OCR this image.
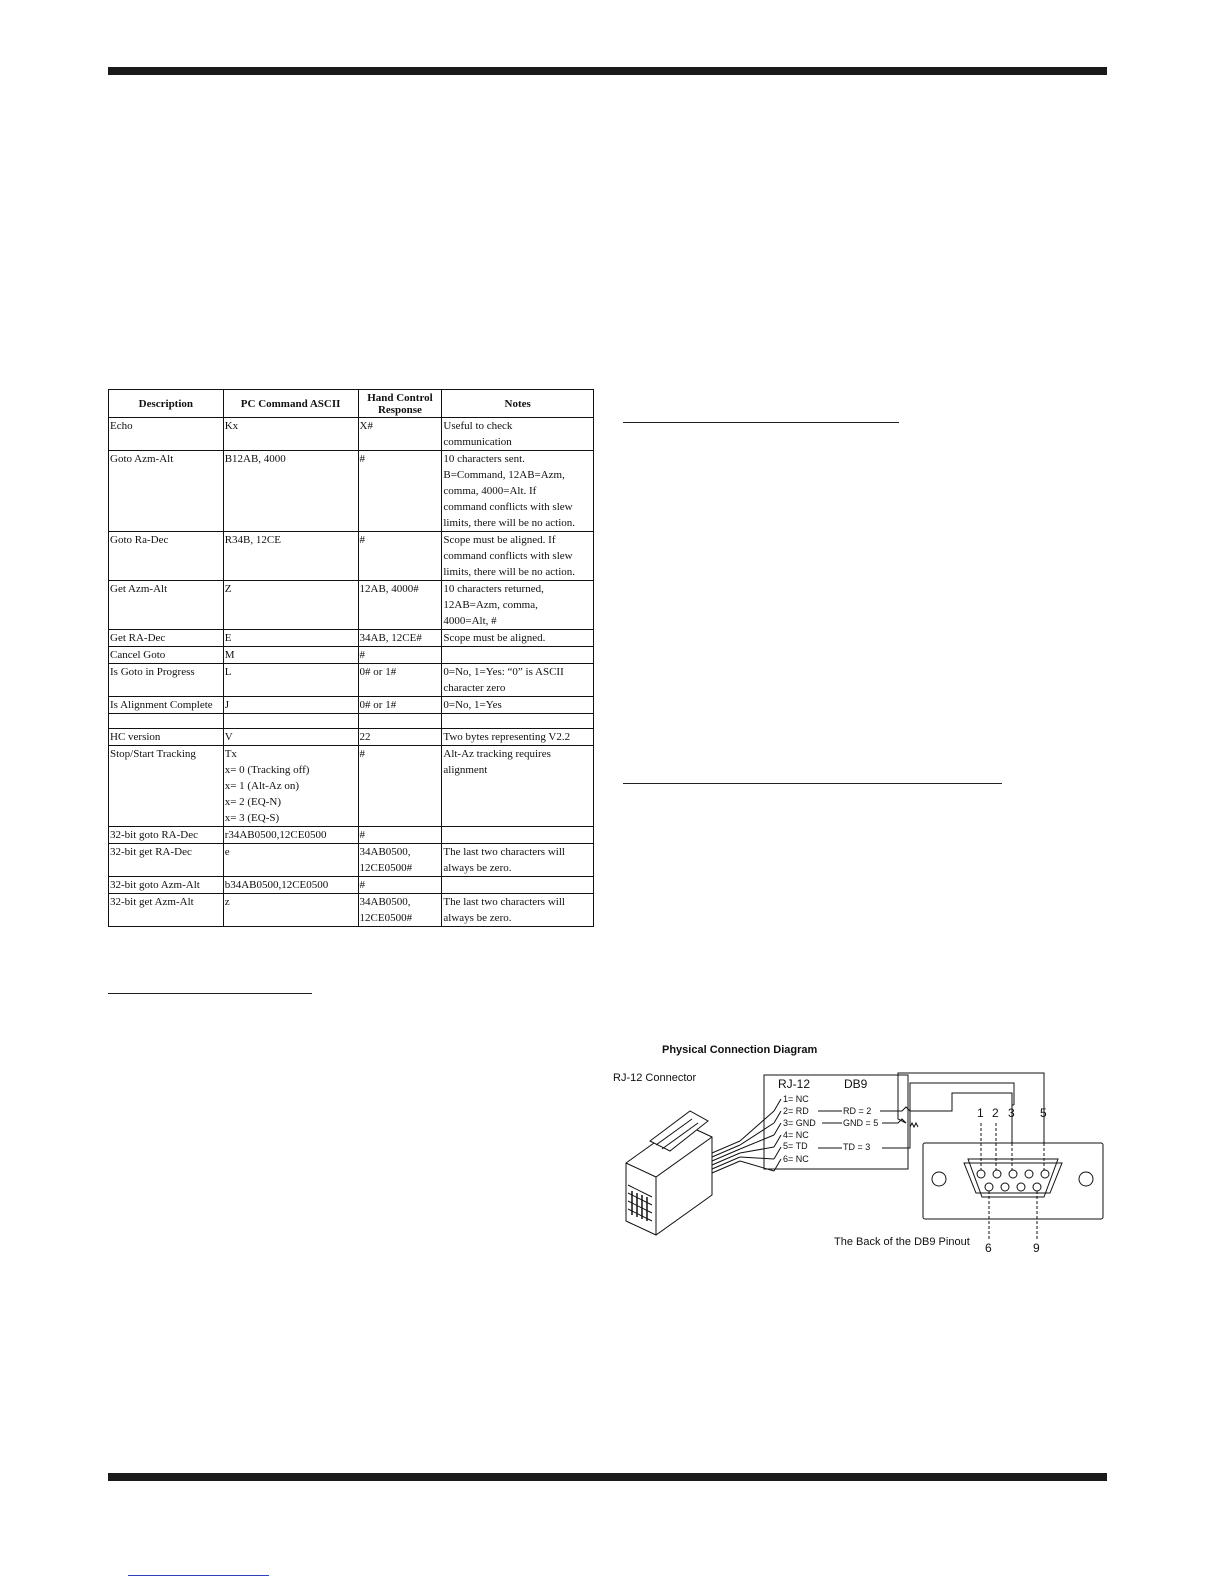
Description	PC Command ASCII	Hand Control Response	Notes
Echo	Kx	X#	Useful to check
communication

Goto Azm-Alt	B12AB, 4000	#	10 characters sent.
B=Command, 12AB=Azm,
comma, 4000=Alt. If
command conflicts with slew
limits, there will be no action.

Goto Ra-Dec	R34B, 12CE	#	Scope must be aligned. If
command conflicts with slew
limits, there will be no action.

Get Azm-Alt	Z	12AB, 4000#	10 characters returned,
12AB=Azm, comma,
4000=Alt, #

Get RA-Dec	E	34AB, 12CE#	Scope must be aligned.

Cancel Goto	M	#	

Is Goto in Progress	L	0# or 1#	0=No, 1=Yes: “0” is ASCII
character zero

Is Alignment Complete	J	0# or 1#	0=No, 1=Yes

HC version	V	22	Two bytes representing V2.2

Stop/Start Tracking	Tx
x= 0 (Tracking off)
x= 1 (Alt-Az on)
x= 2 (EQ-N)
x= 3 (EQ-S)	#	Alt-Az tracking requires
alignment

32-bit goto RA-Dec	r34AB0500,12CE0500	#	

32-bit get RA-Dec	e	34AB0500,
12CE0500#	The last two characters will
always be zero.

32-bit goto Azm-Alt	b34AB0500,12CE0500	#	

32-bit get Azm-Alt	z	34AB0500,
12CE0500#	The last two characters will
always be zero.
Physical Connection Diagram
RJ-12 Connector	RJ-12	DB9
1= NC
2= RD
3= GND
4= NC
5= TD
6= NC
RD = 2
GND = 5
TD = 3
1 2 3 5
6	9
The Back of the DB9 Pinout
